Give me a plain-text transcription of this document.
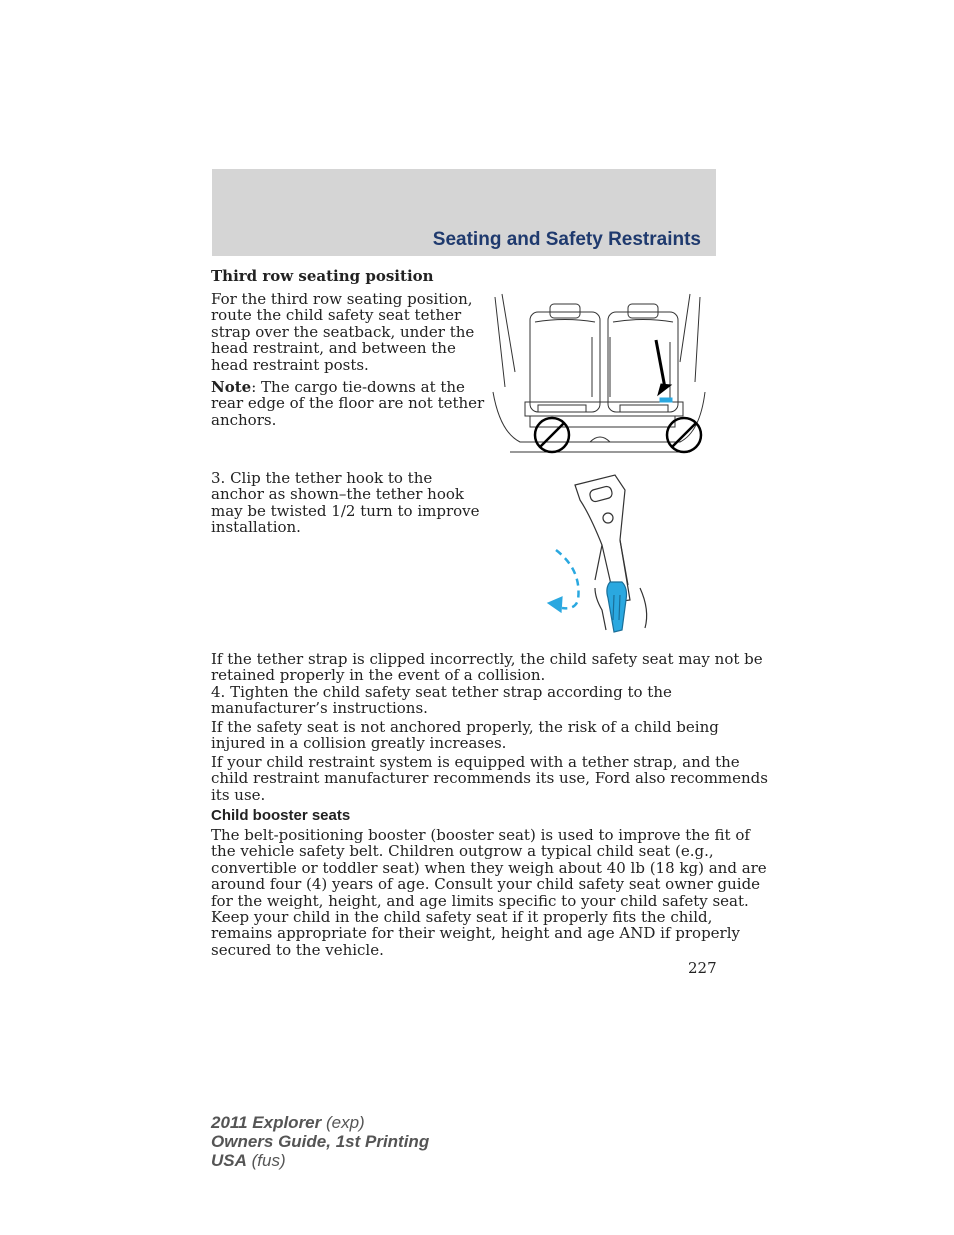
Seating and Safety Restraints

Third row seating position

For the third row seating position,
route the child safety seat tether
strap over the seatback, under the
head restraint, and between the
head restraint posts.
Note: The cargo tie-downs at the
rear edge of the floor are not tether
anchors.
3. Clip the tether hook to the
anchor as shown–the tether hook
may be twisted 1/2 turn to improve
installation.
If the tether strap is clipped incorrectly, the child safety seat may not be
retained properly in the event of a collision.
4. Tighten the child safety seat tether strap according to the
manufacturer’s instructions.
If the safety seat is not anchored properly, the risk of a child being
injured in a collision greatly increases.
If your child restraint system is equipped with a tether strap, and the
child restraint manufacturer recommends its use, Ford also recommends
its use.

Child booster seats

The belt-positioning booster (booster seat) is used to improve the fit of
the vehicle safety belt. Children outgrow a typical child seat (e.g.,
convertible or toddler seat) when they weigh about 40 lb (18 kg) and are
around four (4) years of age. Consult your child safety seat owner guide
for the weight, height, and age limits specific to your child safety seat.
Keep your child in the child safety seat if it properly fits the child,
remains appropriate for their weight, height and age AND if properly
secured to the vehicle.

227

2011 Explorer (exp)
Owners Guide, 1st Printing
USA (fus)
